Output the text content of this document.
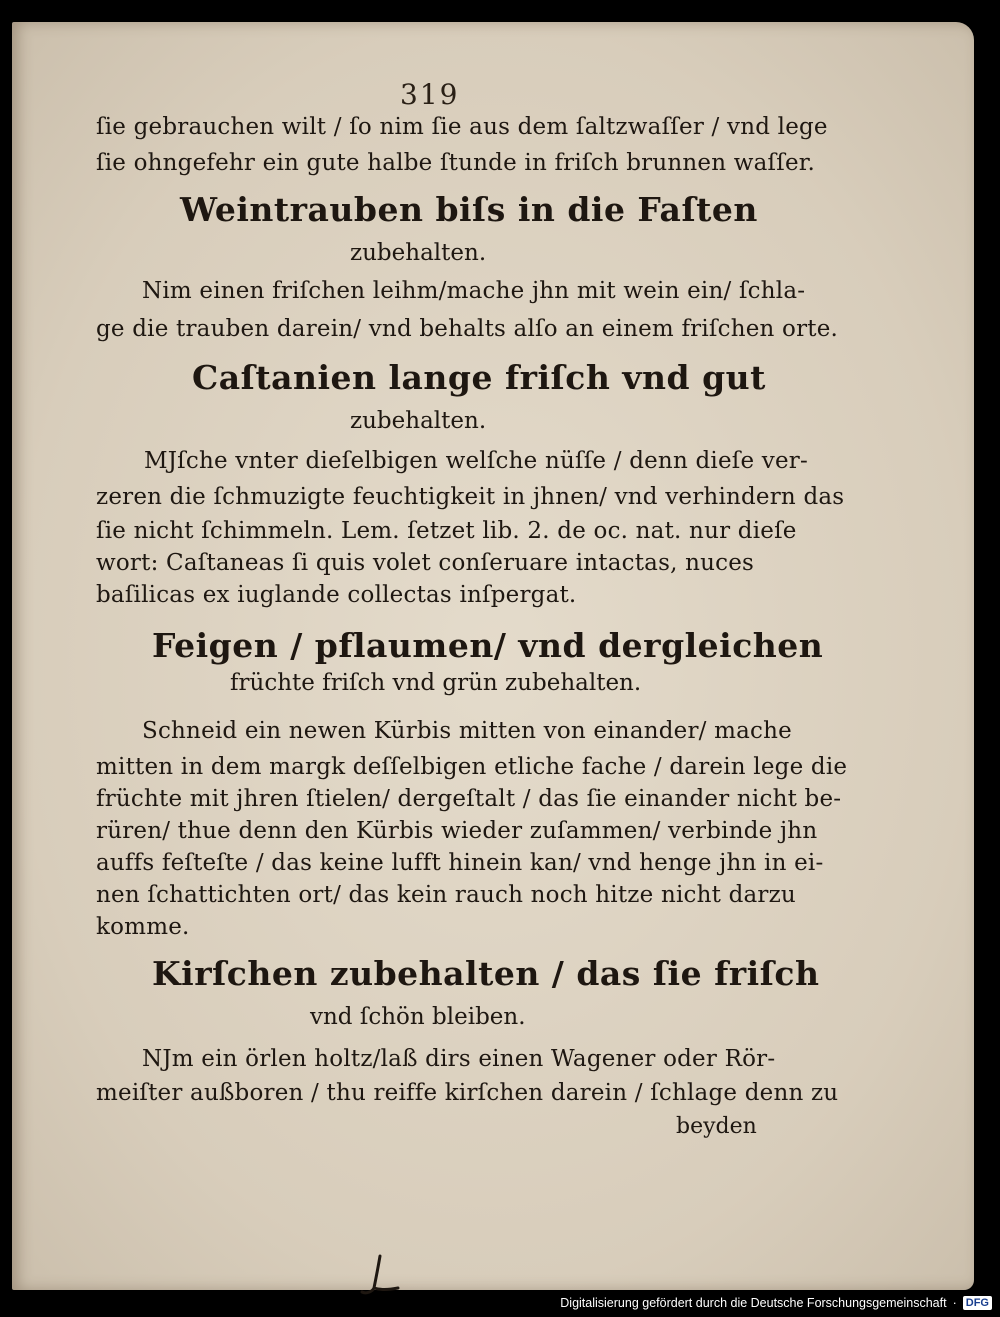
319
ſie gebrauchen wilt / ſo nim ſie aus dem ſaltzwaſſer / vnd lege
ſie ohngefehr ein gute halbe ſtunde in friſch brunnen waſſer.
Weintrauben biſs in die Faſten
zubehalten.
Nim einen friſchen leihm/mache jhn mit wein ein/ ſchla-
ge die trauben darein/ vnd behalts alſo an einem friſchen orte.
Caſtanien lange friſch vnd gut
zubehalten.
MJſche vnter dieſelbigen welſche nüſſe / denn dieſe ver-
zeren die ſchmuzigte feuchtigkeit in jhnen/ vnd verhindern das
ſie nicht ſchimmeln. Lem. ſetzet lib. 2. de oc. nat. nur dieſe
wort: Caſtaneas ſi quis volet conſeruare intactas, nuces
baſilicas ex iuglande collectas inſpergat.
Feigen / pflaumen/ vnd dergleichen
früchte friſch vnd grün zubehalten.
Schneid ein newen Kürbis mitten von einander/ mache
mitten in dem margk deſſelbigen etliche fache / darein lege die
früchte mit jhren ſtielen/ dergeſtalt / das ſie einander nicht be-
rüren/ thue denn den Kürbis wieder zuſammen/ verbinde jhn
auffs feſteſte / das keine lufft hinein kan/ vnd henge jhn in ei-
nen ſchattichten ort/ das kein rauch noch hitze nicht darzu
komme.
Kirſchen zubehalten / das ſie friſch
vnd ſchön bleiben.
NJm ein örlen holtz/laß dirs einen Wagener oder Rör-
meiſter außboren / thu reiffe kirſchen darein / ſchlage denn zu
beyden
Digitalisierung gefördert durch die Deutsche Forschungsgemeinschaft · DFG
